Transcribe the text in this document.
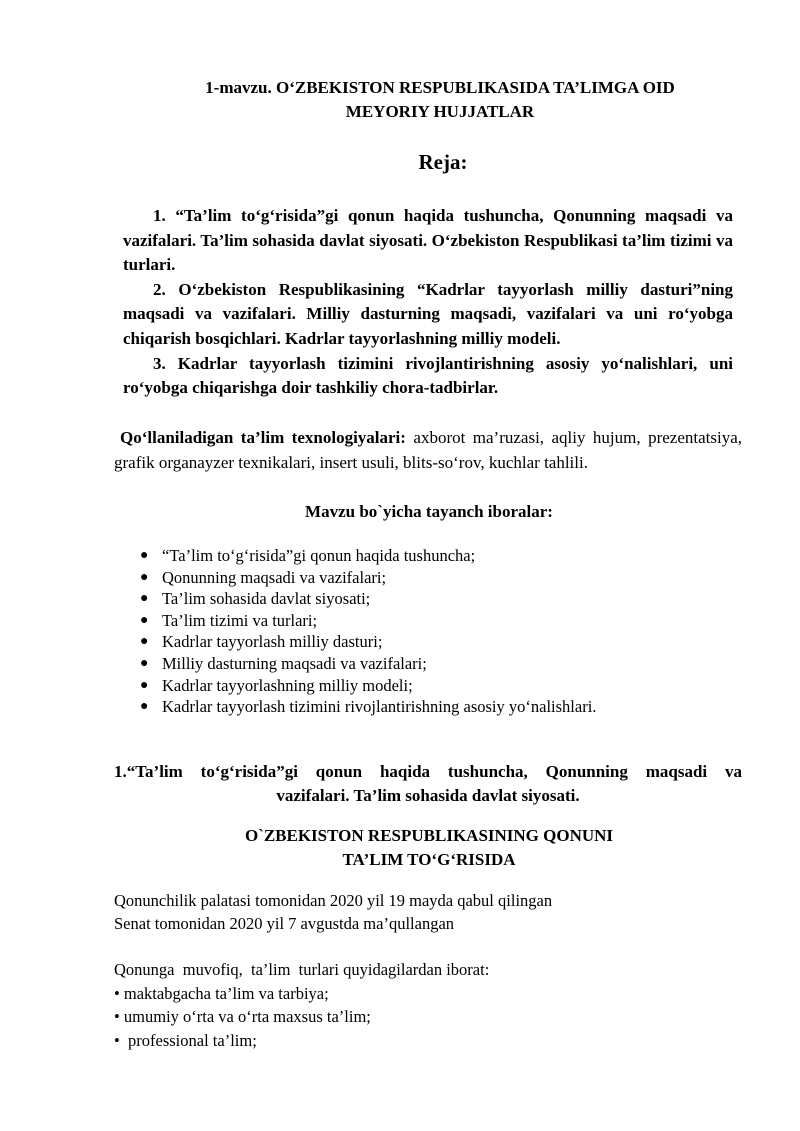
1-mavzu. O‘ZBEKISTON RESPUBLIKASIDA TA’LIMGA OID
MEYORIY HUJJATLAR
Reja:

1. “Ta’lim to‘g‘risida”gi qonun haqida tushuncha, Qonunning maqsadi va vazifalari. Ta’lim sohasida davlat siyosati. O‘zbekiston Respublikasi ta’lim tizimi va turlari.

2. O‘zbekiston Respublikasining “Kadrlar tayyorlash milliy dasturi”ning maqsadi va vazifalari. Milliy dasturning maqsadi, vazifalari va uni ro‘yobga chiqarish bosqichlari. Kadrlar tayyorlashning milliy modeli.

3. Kadrlar tayyorlash tizimini rivojlantirishning asosiy yo‘nalishlari, uni ro‘yobga chiqarishga doir tashkiliy chora-tadbirlar.

Qo‘llaniladigan ta’lim texnologiyalari: axborot ma’ruzasi, aqliy hujum, prezentatsiya, grafik organayzer texnikalari, insert usuli, blits-so‘rov, kuchlar tahlili.

Mavzu bo`yicha tayanch iboralar:
● “Ta’lim to‘g‘risida”gi qonun haqida tushuncha;
● Qonunning maqsadi va vazifalari;
● Ta’lim sohasida davlat siyosati;
● Ta’lim tizimi va turlari;
● Kadrlar tayyorlash milliy dasturi;
● Milliy dasturning maqsadi va vazifalari;
● Kadrlar tayyorlashning milliy modeli;
● Kadrlar tayyorlash tizimini rivojlantirishning asosiy yo‘nalishlari.
1.“Ta’lim to‘g‘risida”gi qonun haqida tushuncha, Qonunning maqsadi va
vazifalari. Ta’lim sohasida davlat siyosati.
O`ZBEKISTON RESPUBLIKASINING QONUNI
TA’LIM TO‘G‘RISIDA
Qonunchilik palatasi tomonidan 2020 yil 19 mayda qabul qilingan
Senat tomonidan 2020 yil 7 avgustda ma’qullangan
Qonunga  muvofiq,  ta’lim  turlari quyidagilardan iborat:
• maktabgacha ta’lim va tarbiya;
• umumiy o‘rta va o‘rta maxsus ta’lim;
•  professional ta’lim;
